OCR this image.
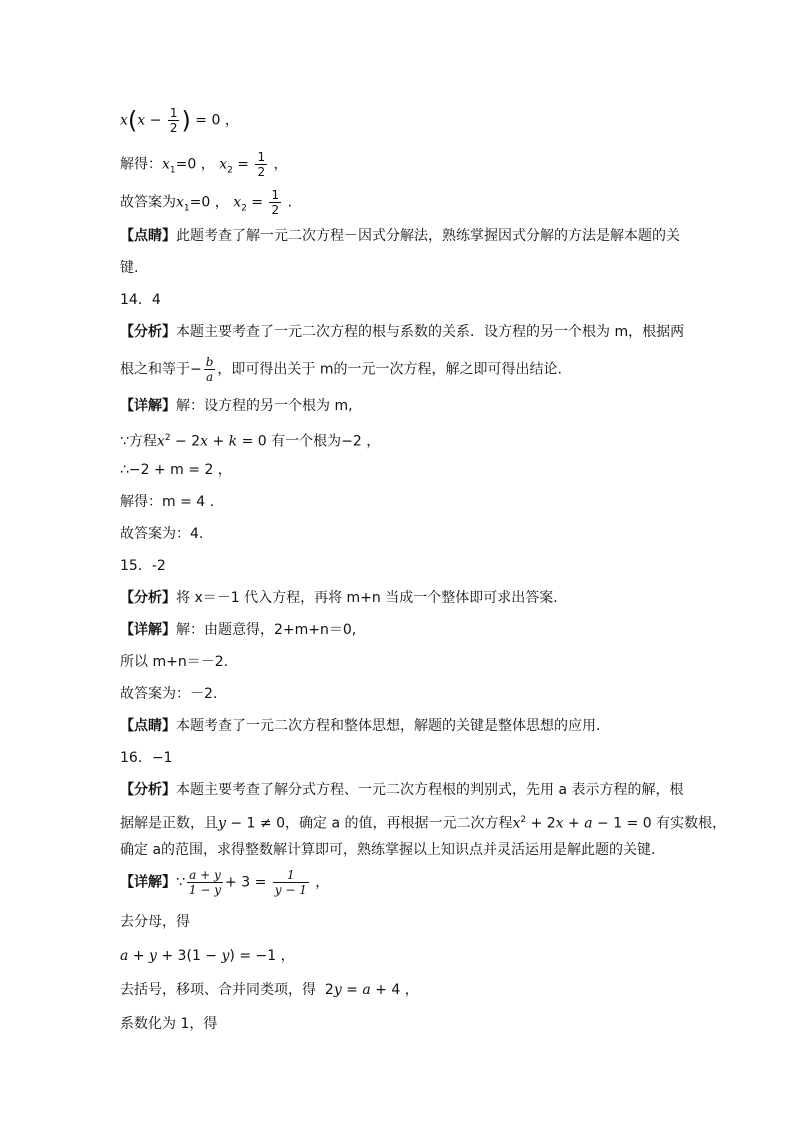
$x(x - \frac{1}{2}$ ) = 0 ，
解得：$x_1=0$ ， $x_2 = \frac{1}{2}$ ，
故答案为$x_1=0$ ， $x_2 = \frac{1}{2}$ .
【点睛】此题考查了解一元二次方程－因式分解法，熟练掌握因式分解的方法是解本题的关
键.
14．4
【分析】本题主要考查了一元二次方程的根与系数的关系．设方程的另一个根为 m，根据两
根之和等于− $\frac{b}{a}$ ，即可得出关于 m的一元一次方程，解之即可得出结论.
【详解】解：设方程的另一个根为 m,
∵方程$x^2 - 2x + k = 0$ 有一个根为−2 ，
∴−2 + m = 2 ，
解得：m = 4 .
故答案为：4.
15．-2
【分析】将 x＝－1 代入方程，再将 m+n 当成一个整体即可求出答案.
【详解】解：由题意得，2+m+n＝0,
所以 m+n＝－2.
故答案为：－2.
【点睛】本题考查了一元二次方程和整体思想，解题的关键是整体思想的应用.
16．−1
【分析】本题主要考查了解分式方程、一元二次方程根的判别式，先用 a 表示方程的解，根
据解是正数，且y − 1 ≠ 0，确定 a 的值，再根据一元二次方程$x^2 + 2x + a - 1 = 0$ 有实数根，
确定 a的范围，求得整数解计算即可，熟练掌握以上知识点并灵活运用是解此题的关键.
【详解】∵ $\frac{a + y}{1 - y} + 3 = \frac{1}{y - 1}$ ，
去分母，得
a + y + 3(1 − y) = −1 ，
去括号，移项、合并同类项，得  2y = a + 4 ，
系数化为 1，得
